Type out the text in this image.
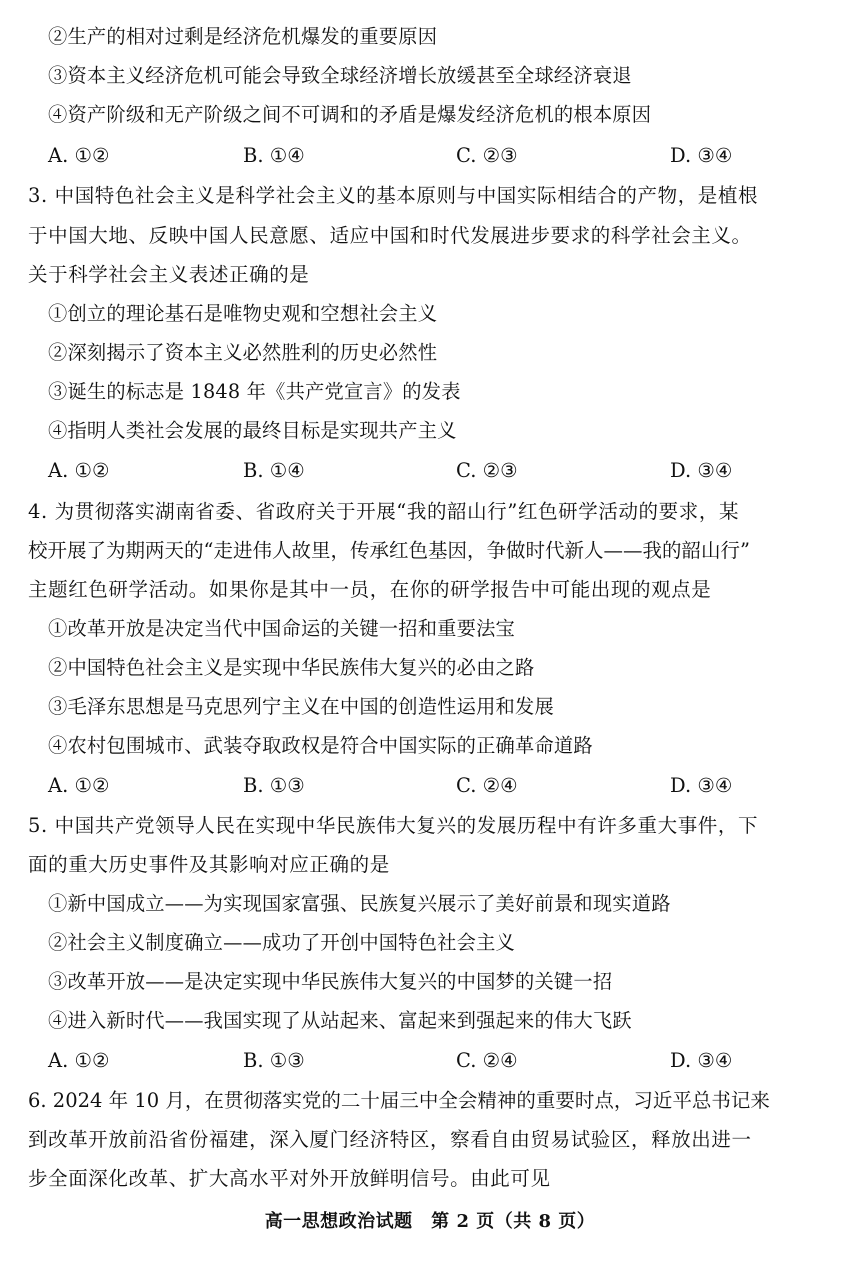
②生产的相对过剩是经济危机爆发的重要原因
③资本主义经济危机可能会导致全球经济增长放缓甚至全球经济衰退
④资产阶级和无产阶级之间不可调和的矛盾是爆发经济危机的根本原因
A. ①②	B. ①④	C. ②③	D. ③④
3. 中国特色社会主义是科学社会主义的基本原则与中国实际相结合的产物，是植根
于中国大地、反映中国人民意愿、适应中国和时代发展进步要求的科学社会主义。
关于科学社会主义表述正确的是
①创立的理论基石是唯物史观和空想社会主义
②深刻揭示了资本主义必然胜利的历史必然性
③诞生的标志是 1848 年《共产党宣言》的发表
④指明人类社会发展的最终目标是实现共产主义
A. ①②	B. ①④	C. ②③	D. ③④
4. 为贯彻落实湖南省委、省政府关于开展“我的韶山行”红色研学活动的要求，某
校开展了为期两天的“走进伟人故里，传承红色基因，争做时代新人——我的韶山行”
主题红色研学活动。如果你是其中一员，在你的研学报告中可能出现的观点是
①改革开放是决定当代中国命运的关键一招和重要法宝
②中国特色社会主义是实现中华民族伟大复兴的必由之路
③毛泽东思想是马克思列宁主义在中国的创造性运用和发展
④农村包围城市、武装夺取政权是符合中国实际的正确革命道路
A. ①②	B. ①③	C. ②④	D. ③④
5. 中国共产党领导人民在实现中华民族伟大复兴的发展历程中有许多重大事件，下
面的重大历史事件及其影响对应正确的是
①新中国成立——为实现国家富强、民族复兴展示了美好前景和现实道路
②社会主义制度确立——成功了开创中国特色社会主义
③改革开放——是决定实现中华民族伟大复兴的中国梦的关键一招
④进入新时代——我国实现了从站起来、富起来到强起来的伟大飞跃
A. ①②	B. ①③	C. ②④	D. ③④
6. 2024 年 10 月，在贯彻落实党的二十届三中全会精神的重要时点，习近平总书记来
到改革开放前沿省份福建，深入厦门经济特区，察看自由贸易试验区，释放出进一
步全面深化改革、扩大高水平对外开放鲜明信号。由此可见
高一思想政治试题　第 2 页（共 8 页）
